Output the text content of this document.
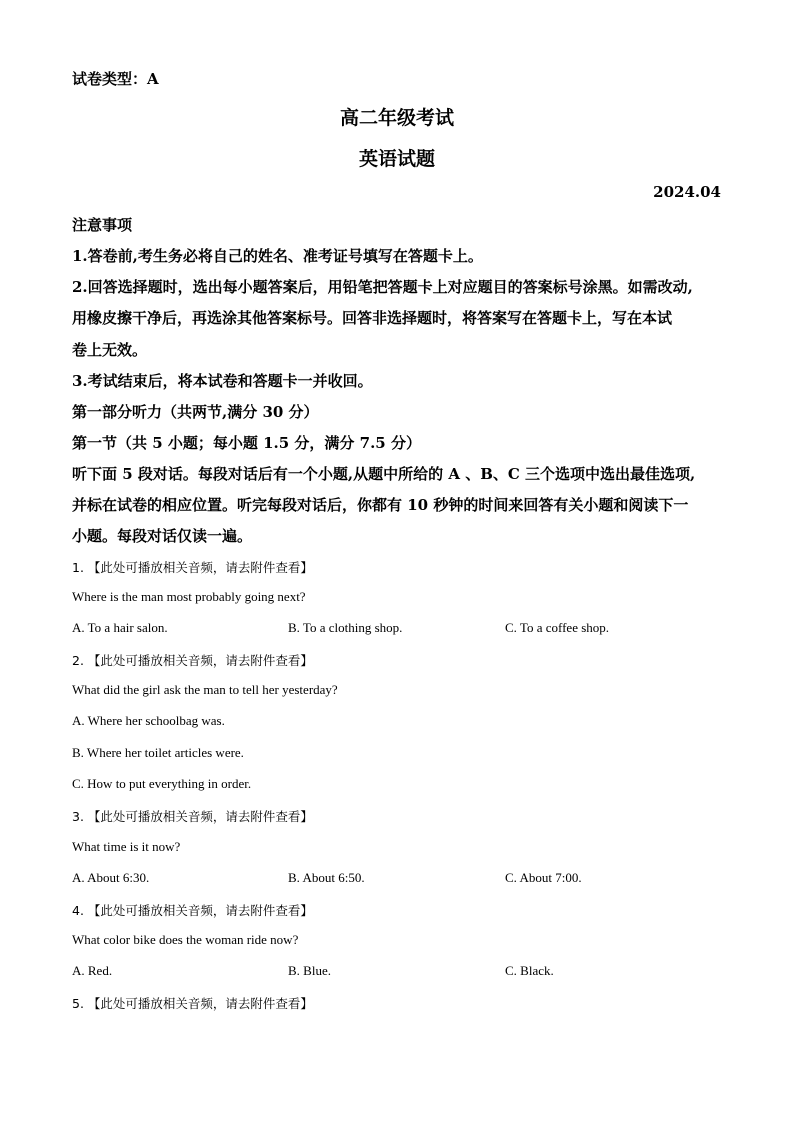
试卷类型：A
高二年级考试
英语试题
2024.04
注意事项
1.答卷前,考生务必将自己的姓名、准考证号填写在答题卡上。
2.回答选择题时，选出每小题答案后，用铅笔把答题卡上对应题目的答案标号涂黑。如需改动,
用橡皮擦干净后，再选涂其他答案标号。回答非选择题时，将答案写在答题卡上，写在本试
卷上无效。
3.考试结束后，将本试卷和答题卡一并收回。
第一部分听力（共两节,满分 30 分）
第一节（共 5 小题；每小题 1.5 分，满分 7.5 分）
听下面 5 段对话。每段对话后有一个小题,从题中所给的 A 、B、C 三个选项中选出最佳选项,
并标在试卷的相应位置。听完每段对话后，你都有 10 秒钟的时间来回答有关小题和阅读下一
小题。每段对话仅读一遍。
1. 【此处可播放相关音频，请去附件查看】
Where is the man most probably going next?
A. To a hair salon.	B. To a clothing shop.	C. To a coffee shop.
2. 【此处可播放相关音频，请去附件查看】
What did the girl ask the man to tell her yesterday?
A. Where her schoolbag was.
B. Where her toilet articles were.
C. How to put everything in order.
3. 【此处可播放相关音频，请去附件查看】
What time is it now?
A. About 6:30.	B. About 6:50.	C. About 7:00.
4. 【此处可播放相关音频，请去附件查看】
What color bike does the woman ride now?
A. Red.	B. Blue.	C. Black.
5. 【此处可播放相关音频，请去附件查看】
